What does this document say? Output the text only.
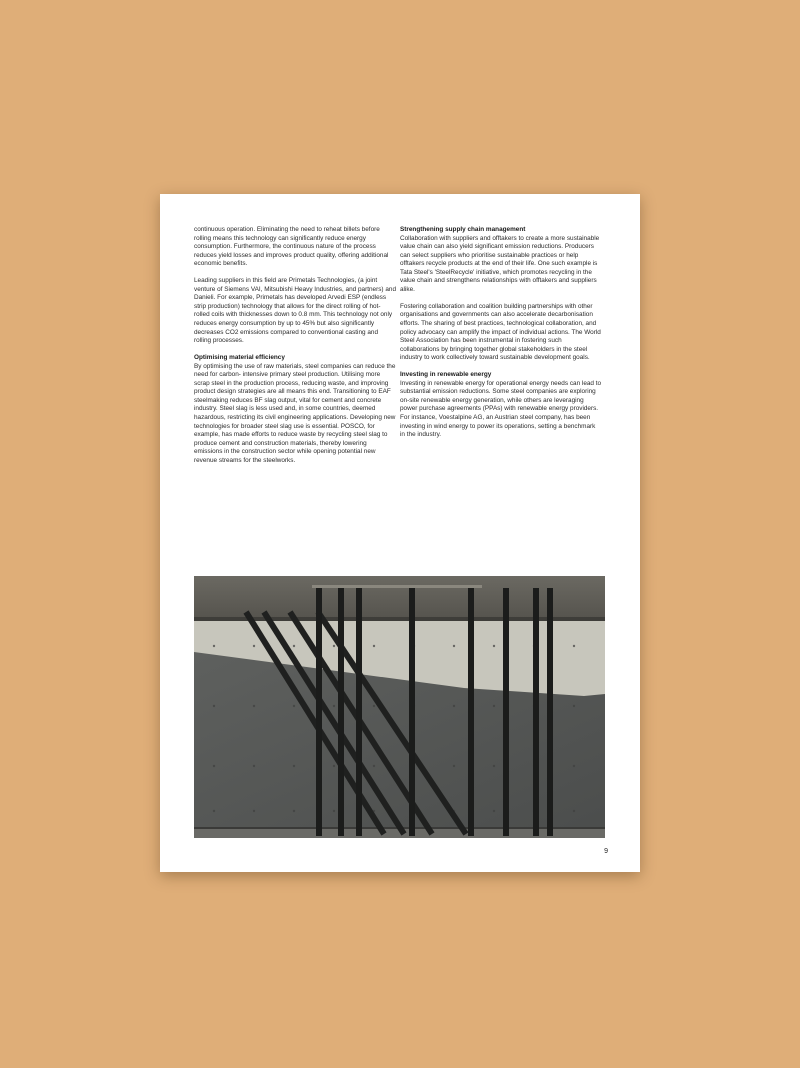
continuous operation. Eliminating the need to reheat billets before rolling means this technology can significantly reduce energy consumption. Furthermore, the continuous nature of the process reduces yield losses and improves product quality, offering additional economic benefits.

Leading suppliers in this field are Primetals Technologies, (a joint venture of Siemens VAI, Mitsubishi Heavy Industries, and partners) and Danieli. For example, Primetals has developed Arvedi ESP (endless strip production) technology that allows for the direct rolling of hot- rolled coils with thicknesses down to 0.8 mm. This technology not only reduces energy consumption by up to 45% but also significantly decreases CO2 emissions compared to conventional casting and rolling processes.

Optimising material efficiency
By optimising the use of raw materials, steel companies can reduce the need for carbon- intensive primary steel production. Utilising more scrap steel in the production process, reducing waste, and improving product design strategies are all means this end. Transitioning to EAF steelmaking reduces BF slag output, vital for cement and concrete industry. Steel slag is less used and, in some countries, deemed hazardous, restricting its civil engineering applications. Developing new technologies for broader steel slag use is essential. POSCO, for example, has made efforts to reduce waste by recycling steel slag to produce cement and construction materials, thereby lowering emissions in the construction sector while opening potential new revenue streams for the steelworks.
Strengthening supply chain management
Collaboration with suppliers and offtakers to create a more sustainable value chain can also yield significant emission reductions. Producers can select suppliers who prioritise sustainable practices or help offtakers recycle products at the end of their life. One such example is Tata Steel's 'SteelRecycle' initiative, which promotes recycling in the value chain and strengthens relationships with offtakers and suppliers alike.

Fostering collaboration and coalition building partnerships with other organisations and governments can also accelerate decarbonisation efforts. The sharing of best practices, technological collaboration, and policy advocacy can amplify the impact of individual actions. The World Steel Association has been instrumental in fostering such collaborations by bringing together global stakeholders in the steel industry to work collectively toward sustainable development goals.

Investing in renewable energy
Investing in renewable energy for operational energy needs can lead to substantial emission reductions. Some steel companies are exploring on-site renewable energy generation, while others are leveraging power purchase agreements (PPAs) with renewable energy providers. For instance, Voestalpine AG, an Austrian steel company, has been investing in wind energy to power its operations, setting a benchmark in the industry.
9
